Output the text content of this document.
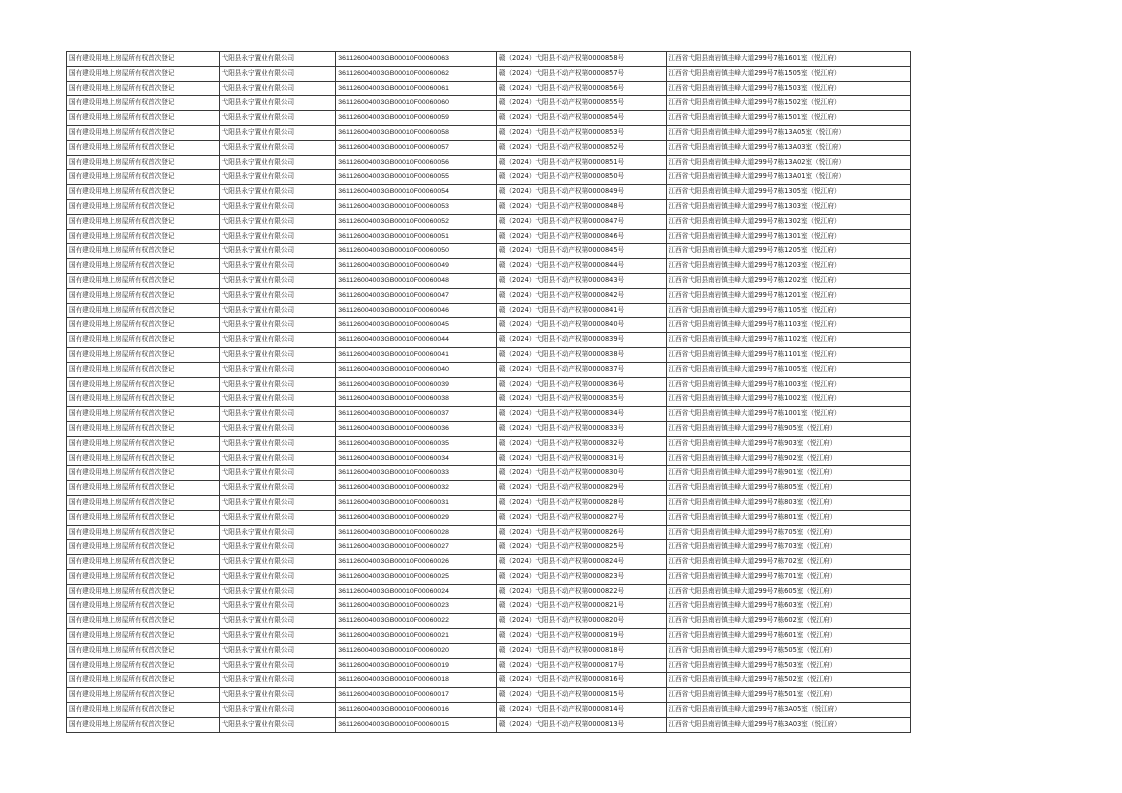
国有建设用地上房屋所有权首次登记	弋阳县永宁置业有限公司	361126004003GB00010F00060063	赣（2024）弋阳县不动产权第0000858号	江西省弋阳县南岩镇圭峰大道299号7栋1601室（悦江府）
国有建设用地上房屋所有权首次登记	弋阳县永宁置业有限公司	361126004003GB00010F00060062	赣（2024）弋阳县不动产权第0000857号	江西省弋阳县南岩镇圭峰大道299号7栋1505室（悦江府）
国有建设用地上房屋所有权首次登记	弋阳县永宁置业有限公司	361126004003GB00010F00060061	赣（2024）弋阳县不动产权第0000856号	江西省弋阳县南岩镇圭峰大道299号7栋1503室（悦江府）
国有建设用地上房屋所有权首次登记	弋阳县永宁置业有限公司	361126004003GB00010F00060060	赣（2024）弋阳县不动产权第0000855号	江西省弋阳县南岩镇圭峰大道299号7栋1502室（悦江府）
国有建设用地上房屋所有权首次登记	弋阳县永宁置业有限公司	361126004003GB00010F00060059	赣（2024）弋阳县不动产权第0000854号	江西省弋阳县南岩镇圭峰大道299号7栋1501室（悦江府）
国有建设用地上房屋所有权首次登记	弋阳县永宁置业有限公司	361126004003GB00010F00060058	赣（2024）弋阳县不动产权第0000853号	江西省弋阳县南岩镇圭峰大道299号7栋13A05室（悦江府）
国有建设用地上房屋所有权首次登记	弋阳县永宁置业有限公司	361126004003GB00010F00060057	赣（2024）弋阳县不动产权第0000852号	江西省弋阳县南岩镇圭峰大道299号7栋13A03室（悦江府）
国有建设用地上房屋所有权首次登记	弋阳县永宁置业有限公司	361126004003GB00010F00060056	赣（2024）弋阳县不动产权第0000851号	江西省弋阳县南岩镇圭峰大道299号7栋13A02室（悦江府）
国有建设用地上房屋所有权首次登记	弋阳县永宁置业有限公司	361126004003GB00010F00060055	赣（2024）弋阳县不动产权第0000850号	江西省弋阳县南岩镇圭峰大道299号7栋13A01室（悦江府）
国有建设用地上房屋所有权首次登记	弋阳县永宁置业有限公司	361126004003GB00010F00060054	赣（2024）弋阳县不动产权第0000849号	江西省弋阳县南岩镇圭峰大道299号7栋1305室（悦江府）
国有建设用地上房屋所有权首次登记	弋阳县永宁置业有限公司	361126004003GB00010F00060053	赣（2024）弋阳县不动产权第0000848号	江西省弋阳县南岩镇圭峰大道299号7栋1303室（悦江府）
国有建设用地上房屋所有权首次登记	弋阳县永宁置业有限公司	361126004003GB00010F00060052	赣（2024）弋阳县不动产权第0000847号	江西省弋阳县南岩镇圭峰大道299号7栋1302室（悦江府）
国有建设用地上房屋所有权首次登记	弋阳县永宁置业有限公司	361126004003GB00010F00060051	赣（2024）弋阳县不动产权第0000846号	江西省弋阳县南岩镇圭峰大道299号7栋1301室（悦江府）
国有建设用地上房屋所有权首次登记	弋阳县永宁置业有限公司	361126004003GB00010F00060050	赣（2024）弋阳县不动产权第0000845号	江西省弋阳县南岩镇圭峰大道299号7栋1205室（悦江府）
国有建设用地上房屋所有权首次登记	弋阳县永宁置业有限公司	361126004003GB00010F00060049	赣（2024）弋阳县不动产权第0000844号	江西省弋阳县南岩镇圭峰大道299号7栋1203室（悦江府）
国有建设用地上房屋所有权首次登记	弋阳县永宁置业有限公司	361126004003GB00010F00060048	赣（2024）弋阳县不动产权第0000843号	江西省弋阳县南岩镇圭峰大道299号7栋1202室（悦江府）
国有建设用地上房屋所有权首次登记	弋阳县永宁置业有限公司	361126004003GB00010F00060047	赣（2024）弋阳县不动产权第0000842号	江西省弋阳县南岩镇圭峰大道299号7栋1201室（悦江府）
国有建设用地上房屋所有权首次登记	弋阳县永宁置业有限公司	361126004003GB00010F00060046	赣（2024）弋阳县不动产权第0000841号	江西省弋阳县南岩镇圭峰大道299号7栋1105室（悦江府）
国有建设用地上房屋所有权首次登记	弋阳县永宁置业有限公司	361126004003GB00010F00060045	赣（2024）弋阳县不动产权第0000840号	江西省弋阳县南岩镇圭峰大道299号7栋1103室（悦江府）
国有建设用地上房屋所有权首次登记	弋阳县永宁置业有限公司	361126004003GB00010F00060044	赣（2024）弋阳县不动产权第0000839号	江西省弋阳县南岩镇圭峰大道299号7栋1102室（悦江府）
国有建设用地上房屋所有权首次登记	弋阳县永宁置业有限公司	361126004003GB00010F00060041	赣（2024）弋阳县不动产权第0000838号	江西省弋阳县南岩镇圭峰大道299号7栋1101室（悦江府）
国有建设用地上房屋所有权首次登记	弋阳县永宁置业有限公司	361126004003GB00010F00060040	赣（2024）弋阳县不动产权第0000837号	江西省弋阳县南岩镇圭峰大道299号7栋1005室（悦江府）
国有建设用地上房屋所有权首次登记	弋阳县永宁置业有限公司	361126004003GB00010F00060039	赣（2024）弋阳县不动产权第0000836号	江西省弋阳县南岩镇圭峰大道299号7栋1003室（悦江府）
国有建设用地上房屋所有权首次登记	弋阳县永宁置业有限公司	361126004003GB00010F00060038	赣（2024）弋阳县不动产权第0000835号	江西省弋阳县南岩镇圭峰大道299号7栋1002室（悦江府）
国有建设用地上房屋所有权首次登记	弋阳县永宁置业有限公司	361126004003GB00010F00060037	赣（2024）弋阳县不动产权第0000834号	江西省弋阳县南岩镇圭峰大道299号7栋1001室（悦江府）
国有建设用地上房屋所有权首次登记	弋阳县永宁置业有限公司	361126004003GB00010F00060036	赣（2024）弋阳县不动产权第0000833号	江西省弋阳县南岩镇圭峰大道299号7栋905室（悦江府）
国有建设用地上房屋所有权首次登记	弋阳县永宁置业有限公司	361126004003GB00010F00060035	赣（2024）弋阳县不动产权第0000832号	江西省弋阳县南岩镇圭峰大道299号7栋903室（悦江府）
国有建设用地上房屋所有权首次登记	弋阳县永宁置业有限公司	361126004003GB00010F00060034	赣（2024）弋阳县不动产权第0000831号	江西省弋阳县南岩镇圭峰大道299号7栋902室（悦江府）
国有建设用地上房屋所有权首次登记	弋阳县永宁置业有限公司	361126004003GB00010F00060033	赣（2024）弋阳县不动产权第0000830号	江西省弋阳县南岩镇圭峰大道299号7栋901室（悦江府）
国有建设用地上房屋所有权首次登记	弋阳县永宁置业有限公司	361126004003GB00010F00060032	赣（2024）弋阳县不动产权第0000829号	江西省弋阳县南岩镇圭峰大道299号7栋805室（悦江府）
国有建设用地上房屋所有权首次登记	弋阳县永宁置业有限公司	361126004003GB00010F00060031	赣（2024）弋阳县不动产权第0000828号	江西省弋阳县南岩镇圭峰大道299号7栋803室（悦江府）
国有建设用地上房屋所有权首次登记	弋阳县永宁置业有限公司	361126004003GB00010F00060029	赣（2024）弋阳县不动产权第0000827号	江西省弋阳县南岩镇圭峰大道299号7栋801室（悦江府）
国有建设用地上房屋所有权首次登记	弋阳县永宁置业有限公司	361126004003GB00010F00060028	赣（2024）弋阳县不动产权第0000826号	江西省弋阳县南岩镇圭峰大道299号7栋705室（悦江府）
国有建设用地上房屋所有权首次登记	弋阳县永宁置业有限公司	361126004003GB00010F00060027	赣（2024）弋阳县不动产权第0000825号	江西省弋阳县南岩镇圭峰大道299号7栋703室（悦江府）
国有建设用地上房屋所有权首次登记	弋阳县永宁置业有限公司	361126004003GB00010F00060026	赣（2024）弋阳县不动产权第0000824号	江西省弋阳县南岩镇圭峰大道299号7栋702室（悦江府）
国有建设用地上房屋所有权首次登记	弋阳县永宁置业有限公司	361126004003GB00010F00060025	赣（2024）弋阳县不动产权第0000823号	江西省弋阳县南岩镇圭峰大道299号7栋701室（悦江府）
国有建设用地上房屋所有权首次登记	弋阳县永宁置业有限公司	361126004003GB00010F00060024	赣（2024）弋阳县不动产权第0000822号	江西省弋阳县南岩镇圭峰大道299号7栋605室（悦江府）
国有建设用地上房屋所有权首次登记	弋阳县永宁置业有限公司	361126004003GB00010F00060023	赣（2024）弋阳县不动产权第0000821号	江西省弋阳县南岩镇圭峰大道299号7栋603室（悦江府）
国有建设用地上房屋所有权首次登记	弋阳县永宁置业有限公司	361126004003GB00010F00060022	赣（2024）弋阳县不动产权第0000820号	江西省弋阳县南岩镇圭峰大道299号7栋602室（悦江府）
国有建设用地上房屋所有权首次登记	弋阳县永宁置业有限公司	361126004003GB00010F00060021	赣（2024）弋阳县不动产权第0000819号	江西省弋阳县南岩镇圭峰大道299号7栋601室（悦江府）
国有建设用地上房屋所有权首次登记	弋阳县永宁置业有限公司	361126004003GB00010F00060020	赣（2024）弋阳县不动产权第0000818号	江西省弋阳县南岩镇圭峰大道299号7栋505室（悦江府）
国有建设用地上房屋所有权首次登记	弋阳县永宁置业有限公司	361126004003GB00010F00060019	赣（2024）弋阳县不动产权第0000817号	江西省弋阳县南岩镇圭峰大道299号7栋503室（悦江府）
国有建设用地上房屋所有权首次登记	弋阳县永宁置业有限公司	361126004003GB00010F00060018	赣（2024）弋阳县不动产权第0000816号	江西省弋阳县南岩镇圭峰大道299号7栋502室（悦江府）
国有建设用地上房屋所有权首次登记	弋阳县永宁置业有限公司	361126004003GB00010F00060017	赣（2024）弋阳县不动产权第0000815号	江西省弋阳县南岩镇圭峰大道299号7栋501室（悦江府）
国有建设用地上房屋所有权首次登记	弋阳县永宁置业有限公司	361126004003GB00010F00060016	赣（2024）弋阳县不动产权第0000814号	江西省弋阳县南岩镇圭峰大道299号7栋3A05室（悦江府）
国有建设用地上房屋所有权首次登记	弋阳县永宁置业有限公司	361126004003GB00010F00060015	赣（2024）弋阳县不动产权第0000813号	江西省弋阳县南岩镇圭峰大道299号7栋3A03室（悦江府）
